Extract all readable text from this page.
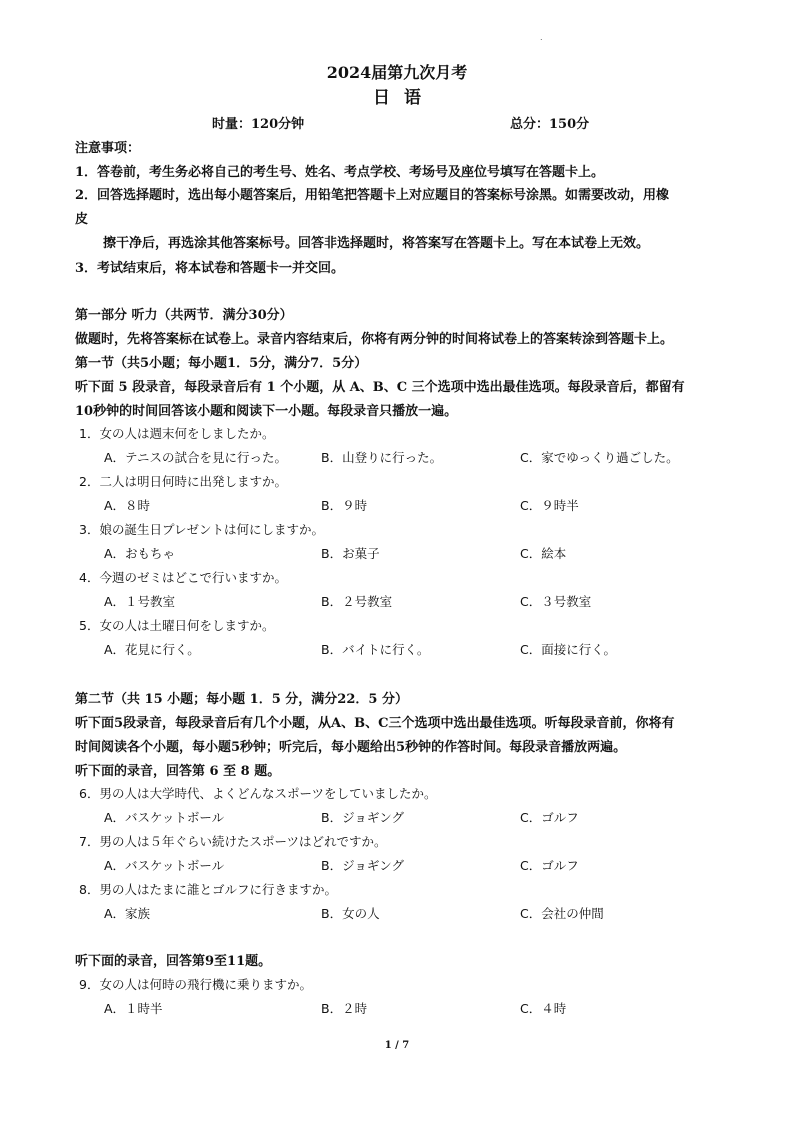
.
2024届第九次月考
日语
时量：120分钟	总分：150分
注意事项：
1．答卷前，考生务必将自己的考生号、姓名、考点学校、考场号及座位号填写在答题卡上。
2．回答选择题时，选出每小题答案后，用铅笔把答题卡上对应题目的答案标号涂黑。如需要改动，用橡
皮
擦干净后，再选涂其他答案标号。回答非选择题时，将答案写在答题卡上。写在本试卷上无效。
3．考试结束后，将本试卷和答题卡一并交回。
第一部分 听力（共两节．满分30分）
做题时，先将答案标在试卷上。录音内容结束后，你将有两分钟的时间将试卷上的答案转涂到答题卡上。
第一节（共5小题；每小题1．5分，满分7．5分）
听下面 5 段录音，每段录音后有 1 个小题，从 A、B、C 三个选项中选出最佳选项。每段录音后，都留有
10秒钟的时间回答该小题和阅读下一小题。每段录音只播放一遍。
1．女の人は週末何をしましたか。
A．テニスの試合を見に行った。	B．山登りに行った。	C．家でゆっくり過ごした。
2．二人は明日何時に出発しますか。
A．８時	B．９時	C．９時半
3．娘の誕生日プレゼントは何にしますか。
A．おもちゃ	B．お菓子	C．絵本
4．今週のゼミはどこで行いますか。
A．１号教室	B．２号教室	C．３号教室
5．女の人は土曜日何をしますか。
A．花見に行く。	B．バイトに行く。	C．面接に行く。
第二节（共 15 小题；每小题 1．5 分，满分22．5 分）
听下面5段录音，每段录音后有几个小题，从A、B、C三个选项中选出最佳选项。听每段录音前，你将有
时间阅读各个小题，每小题5秒钟；听完后，每小题给出5秒钟的作答时间。每段录音播放两遍。
听下面的录音，回答第 6 至 8 题。
6．男の人は大学時代、よくどんなスポーツをしていましたか。
A．バスケットボール	B．ジョギング	C．ゴルフ
7．男の人は５年ぐらい続けたスポーツはどれですか。
A．バスケットボール	B．ジョギング	C．ゴルフ
8．男の人はたまに誰とゴルフに行きますか。
A．家族	B．女の人	C．会社の仲間
听下面的录音，回答第9至11题。
9．女の人は何時の飛行機に乗りますか。
A．１時半	B．２時	C．４時
1 / 7
